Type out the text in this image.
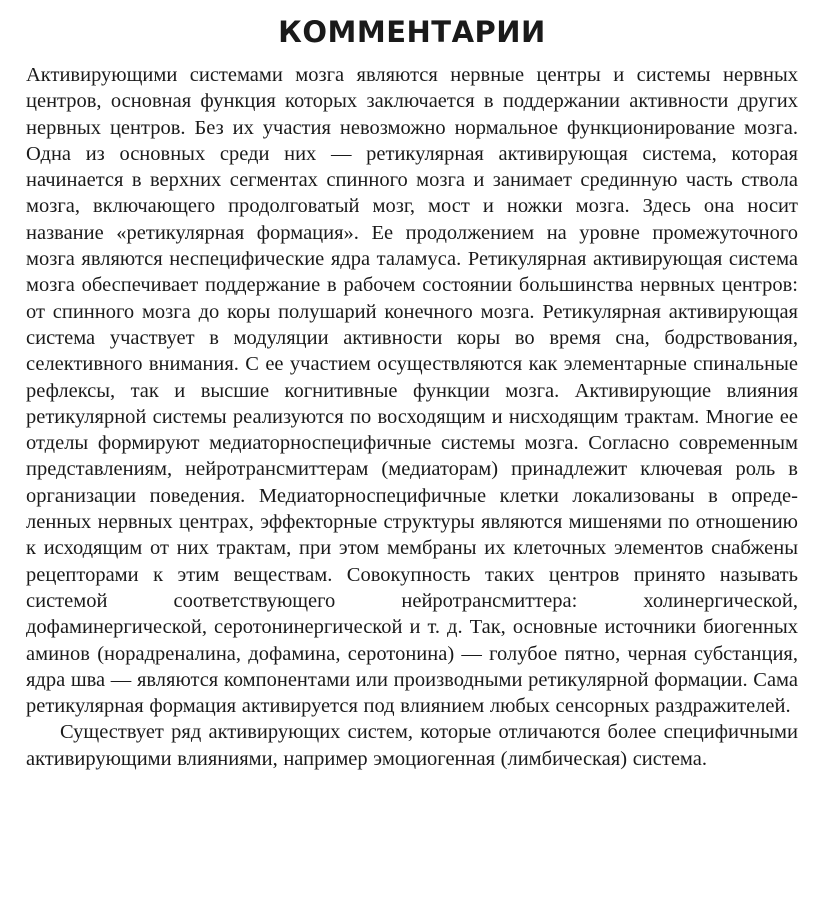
КОММЕНТАРИИ

Активирующими системами мозга являются нервные центры и системы нервных центров, основная функция которых заключается в поддержании активности других нервных центров. Без их участия невозможно нормальное функционирование мозга. Одна из основных среди них — ретикулярная активирующая система, которая начинается в верхних сегментах спинного мозга и занимает срединную часть ствола мозга, включающего продолговатый мозг, мост и ножки мозга. Здесь она носит название «ретикулярная формация». Ее продолжением на уровне промежуточного мозга являются неспецифические ядра таламуса. Ретикулярная активирующая система мозга обеспечивает поддержание в рабочем состоянии большинства нервных центров: от спинного мозга до коры полушарий конечного мозга. Ретикулярная активирующая система участвует в модуляции активности коры во время сна, бодрствования, селективного внимания. С ее участием осуществляются как элементарные спинальные рефлексы, так и высшие когнитивные функции мозга. Активирующие влияния ретикулярной системы реализуются по восходящим и нисходящим трактам. Многие ее отделы формируют медиаторноспецифичные системы мозга. Согласно современным представлениям, нейротрансмиттерам (медиаторам) принадлежит ключевая роль в организации поведения. Медиаторноспецифичные клетки локализованы в определенных нервных центрах, эффекторные структуры являются мишенями по отношению к исходящим от них трактам, при этом мембраны их клеточных элементов снабжены рецепторами к этим веществам. Совокупность таких центров принято называть системой соответствующего нейротрансмиттера: холинергической, дофаминергической, серотонинергической и т. д. Так, основные источники биогенных аминов (норадреналина, дофамина, серотонина) — голубое пятно, черная субстанция, ядра шва — являются компонентами или производными ретикулярной формации. Сама ретикулярная формация активируется под влиянием любых сенсорных раздражителей.

Существует ряд активирующих систем, которые отличаются более специфичными активирующими влияниями, например эмоциогенная (лимбическая) система.
